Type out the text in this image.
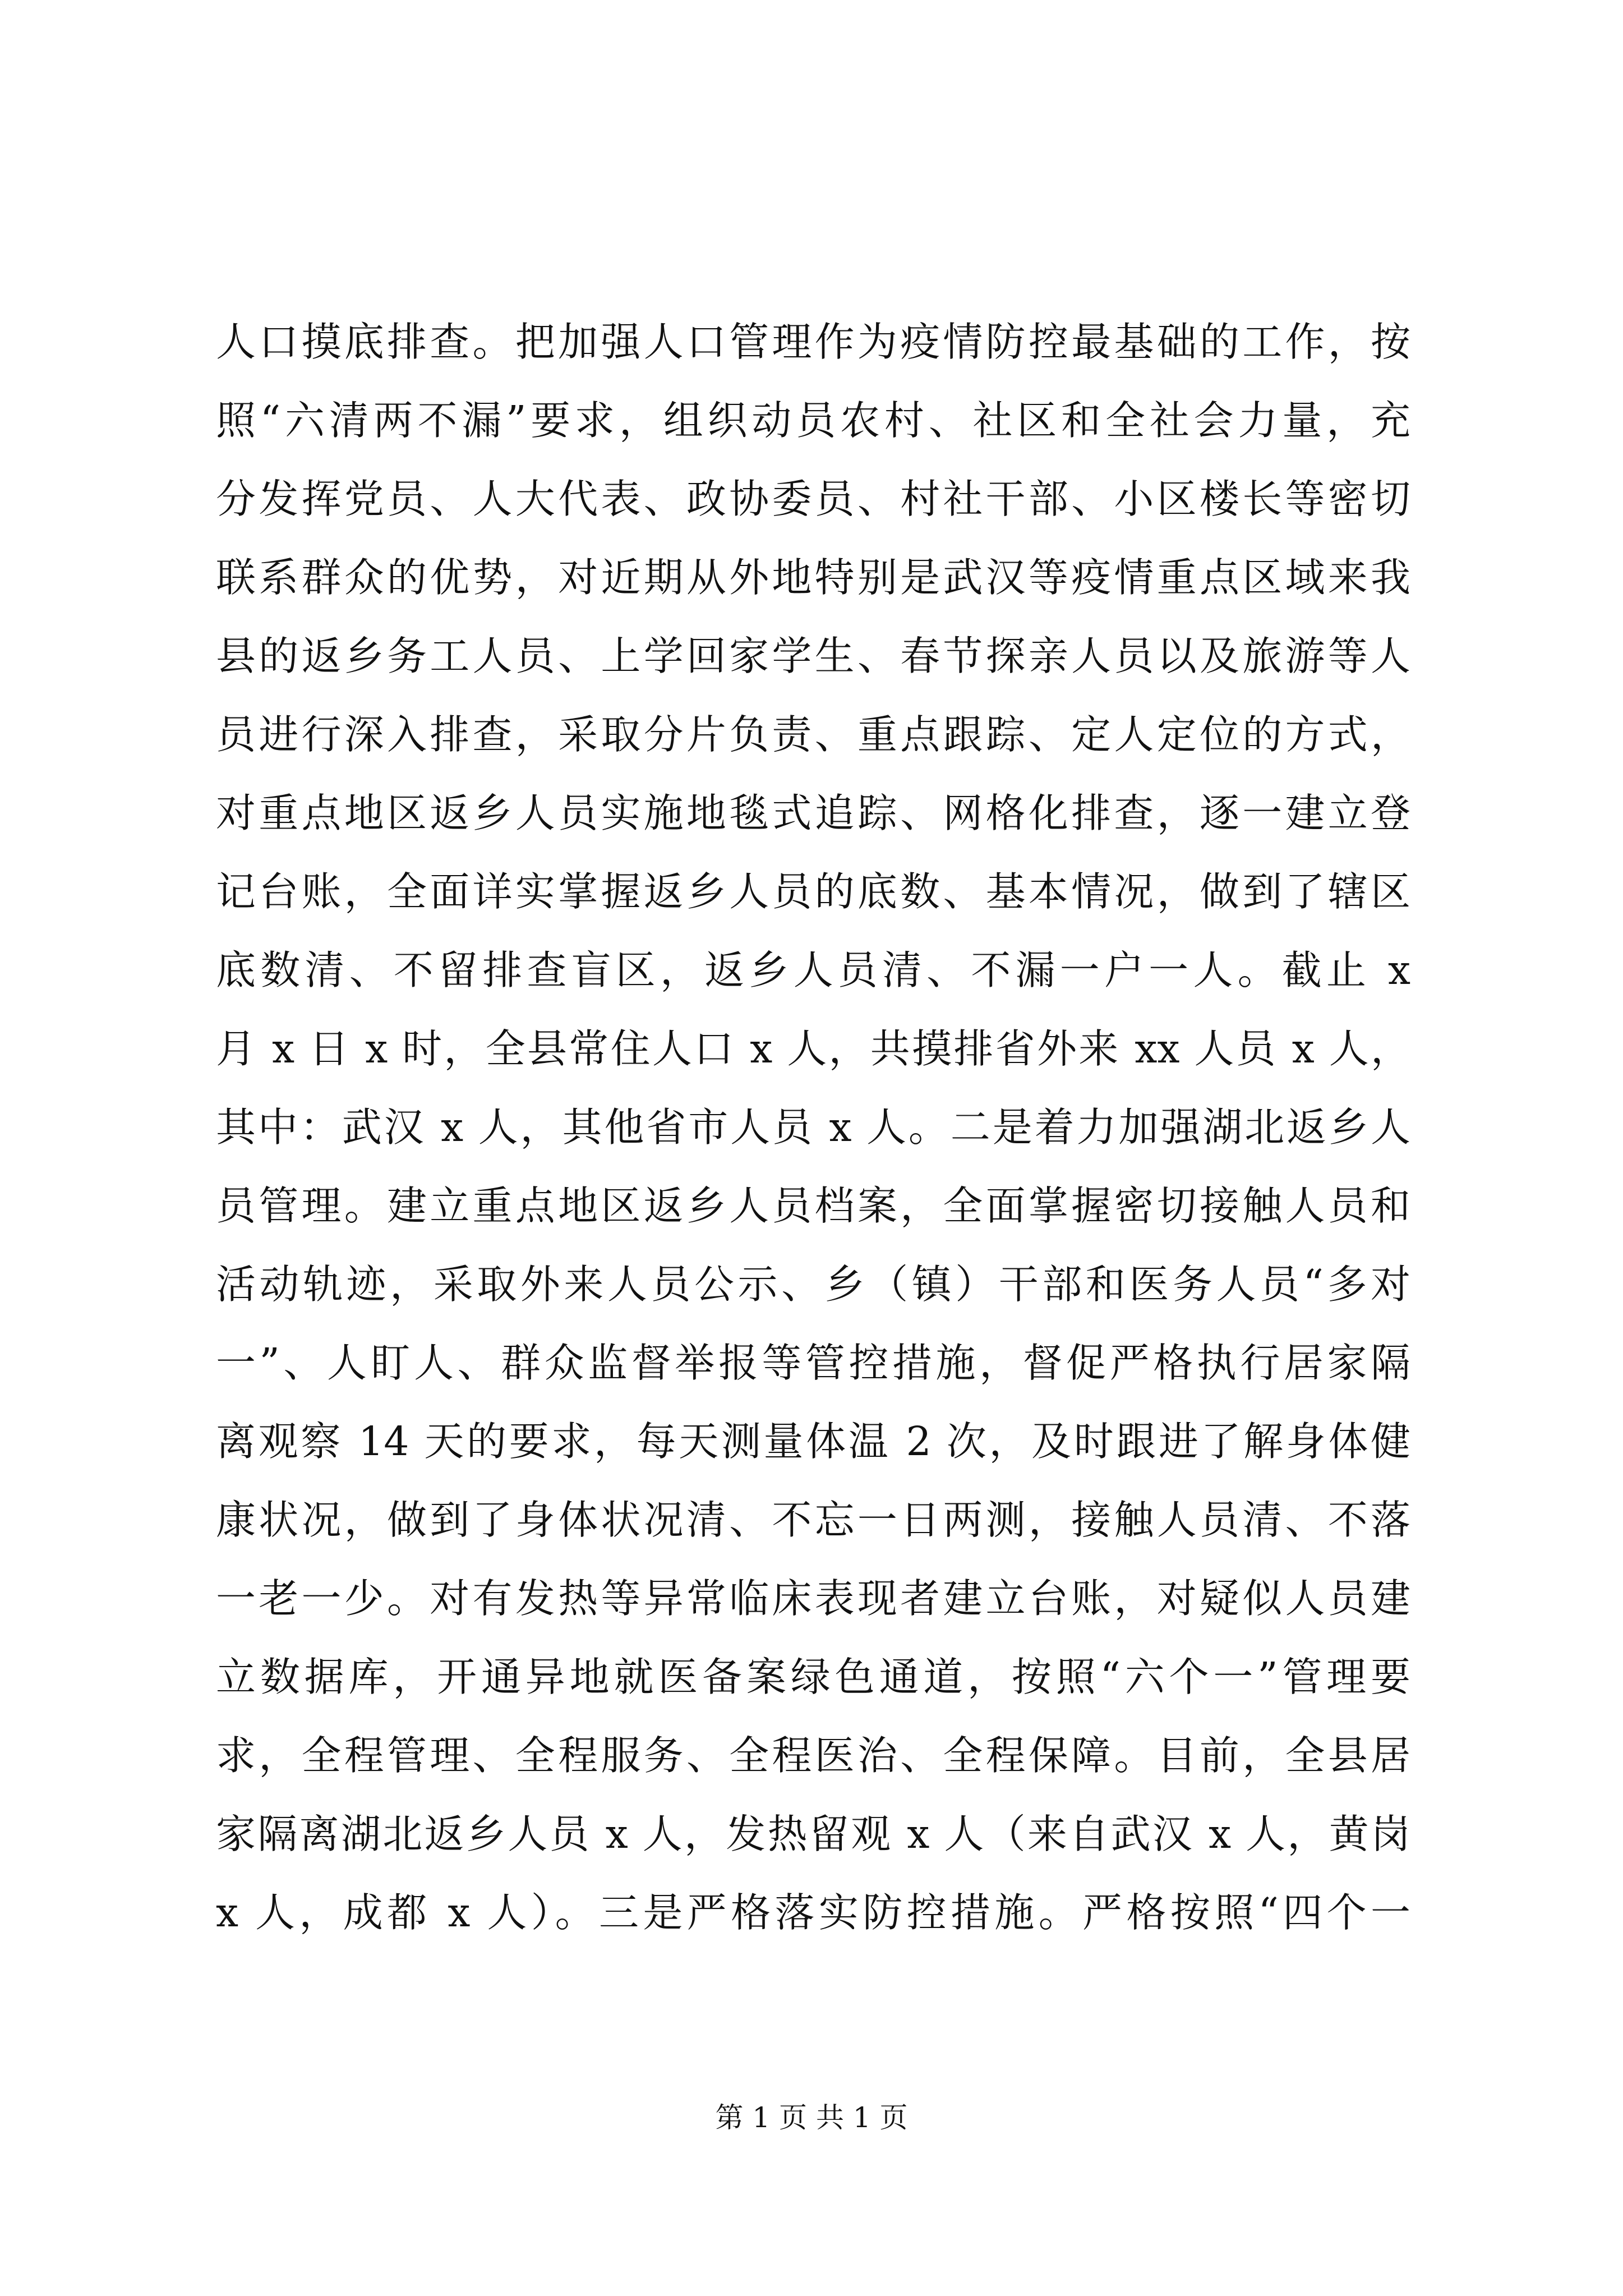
人口摸底排查。把加强人口管理作为疫情防控最基础的工作，按
照“六清两不漏”要求，组织动员农村、社区和全社会力量，充
分发挥党员、人大代表、政协委员、村社干部、小区楼长等密切
联系群众的优势，对近期从外地特别是武汉等疫情重点区域来我
县的返乡务工人员、上学回家学生、春节探亲人员以及旅游等人
员进行深入排查，采取分片负责、重点跟踪、定人定位的方式，
对重点地区返乡人员实施地毯式追踪、网格化排查，逐一建立登
记台账，全面详实掌握返乡人员的底数、基本情况，做到了辖区
底数清、不留排查盲区，返乡人员清、不漏一户一人。截止 x
月 x 日 x 时，全县常住人口 x 人，共摸排省外来 xx 人员 x 人，
其中：武汉 x 人，其他省市人员 x 人。二是着力加强湖北返乡人
员管理。建立重点地区返乡人员档案，全面掌握密切接触人员和
活动轨迹，采取外来人员公示、乡（镇）干部和医务人员“多对
一”、人盯人、群众监督举报等管控措施，督促严格执行居家隔
离观察 14 天的要求，每天测量体温 2 次，及时跟进了解身体健
康状况，做到了身体状况清、不忘一日两测，接触人员清、不落
一老一少。对有发热等异常临床表现者建立台账，对疑似人员建
立数据库，开通异地就医备案绿色通道，按照“六个一”管理要
求，全程管理、全程服务、全程医治、全程保障。目前，全县居
家隔离湖北返乡人员 x 人，发热留观 x 人（来自武汉 x 人，黄岗
x 人，成都 x 人）。三是严格落实防控措施。严格按照“四个一
第 1 页 共 1 页
